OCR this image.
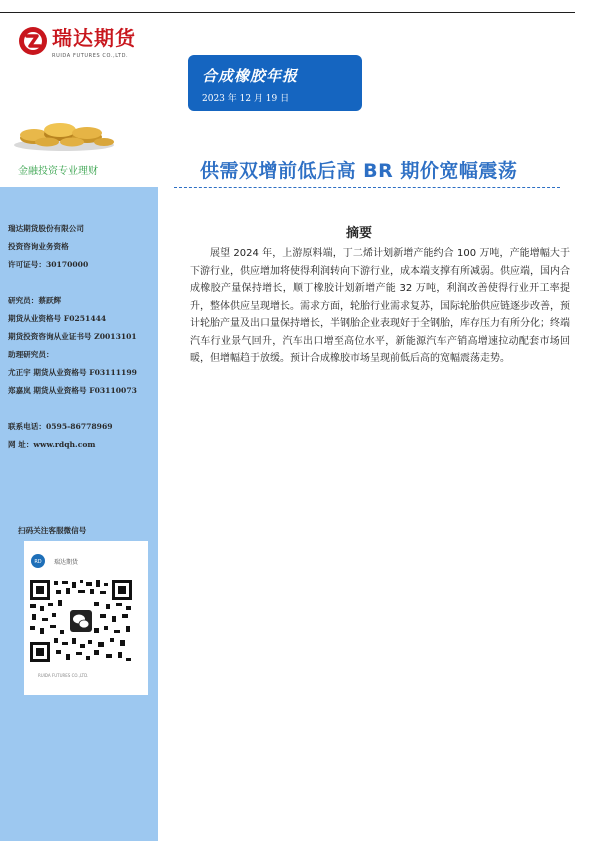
瑞达期货
RUIDA FUTURES CO.,LTD.
合成橡胶年报
2023 年 12 月 19 日
金融投资专业理财	供需双增前低后高 BR 期价宽幅震荡
瑞达期货股份有限公司
投资咨询业务资格
许可证号：30170000
研究员：蔡跃辉
期货从业资格号 F0251444
期货投资咨询从业证书号 Z0013101
助理研究员：
尤正宇 期货从业资格号 F03111199
郑嘉岚 期货从业资格号 F03110073
联系电话：0595-86778969
网 址：www.rdqh.com
扫码关注客服微信号
RD 瑞达期货
RUIDA FUTURES CO.,LTD.
摘要

展望 2024 年，上游原料端，丁二烯计划新增产能约合 100 万吨，产能增幅大于下游行业，供应增加将使得利润转向下游行业，成本端支撑有所减弱。供应端，国内合成橡胶产量保持增长，顺丁橡胶计划新增产能 32 万吨，利润改善使得行业开工率提升，整体供应呈现增长。需求方面，轮胎行业需求复苏，国际轮胎供应链逐步改善，预计轮胎产量及出口量保持增长，半钢胎企业表现好于全钢胎，库存压力有所分化；终端汽车行业景气回升，汽车出口增至高位水平，新能源汽车产销高增速拉动配套市场回暖，但增幅趋于放缓。预计合成橡胶市场呈现前低后高的宽幅震荡走势。
